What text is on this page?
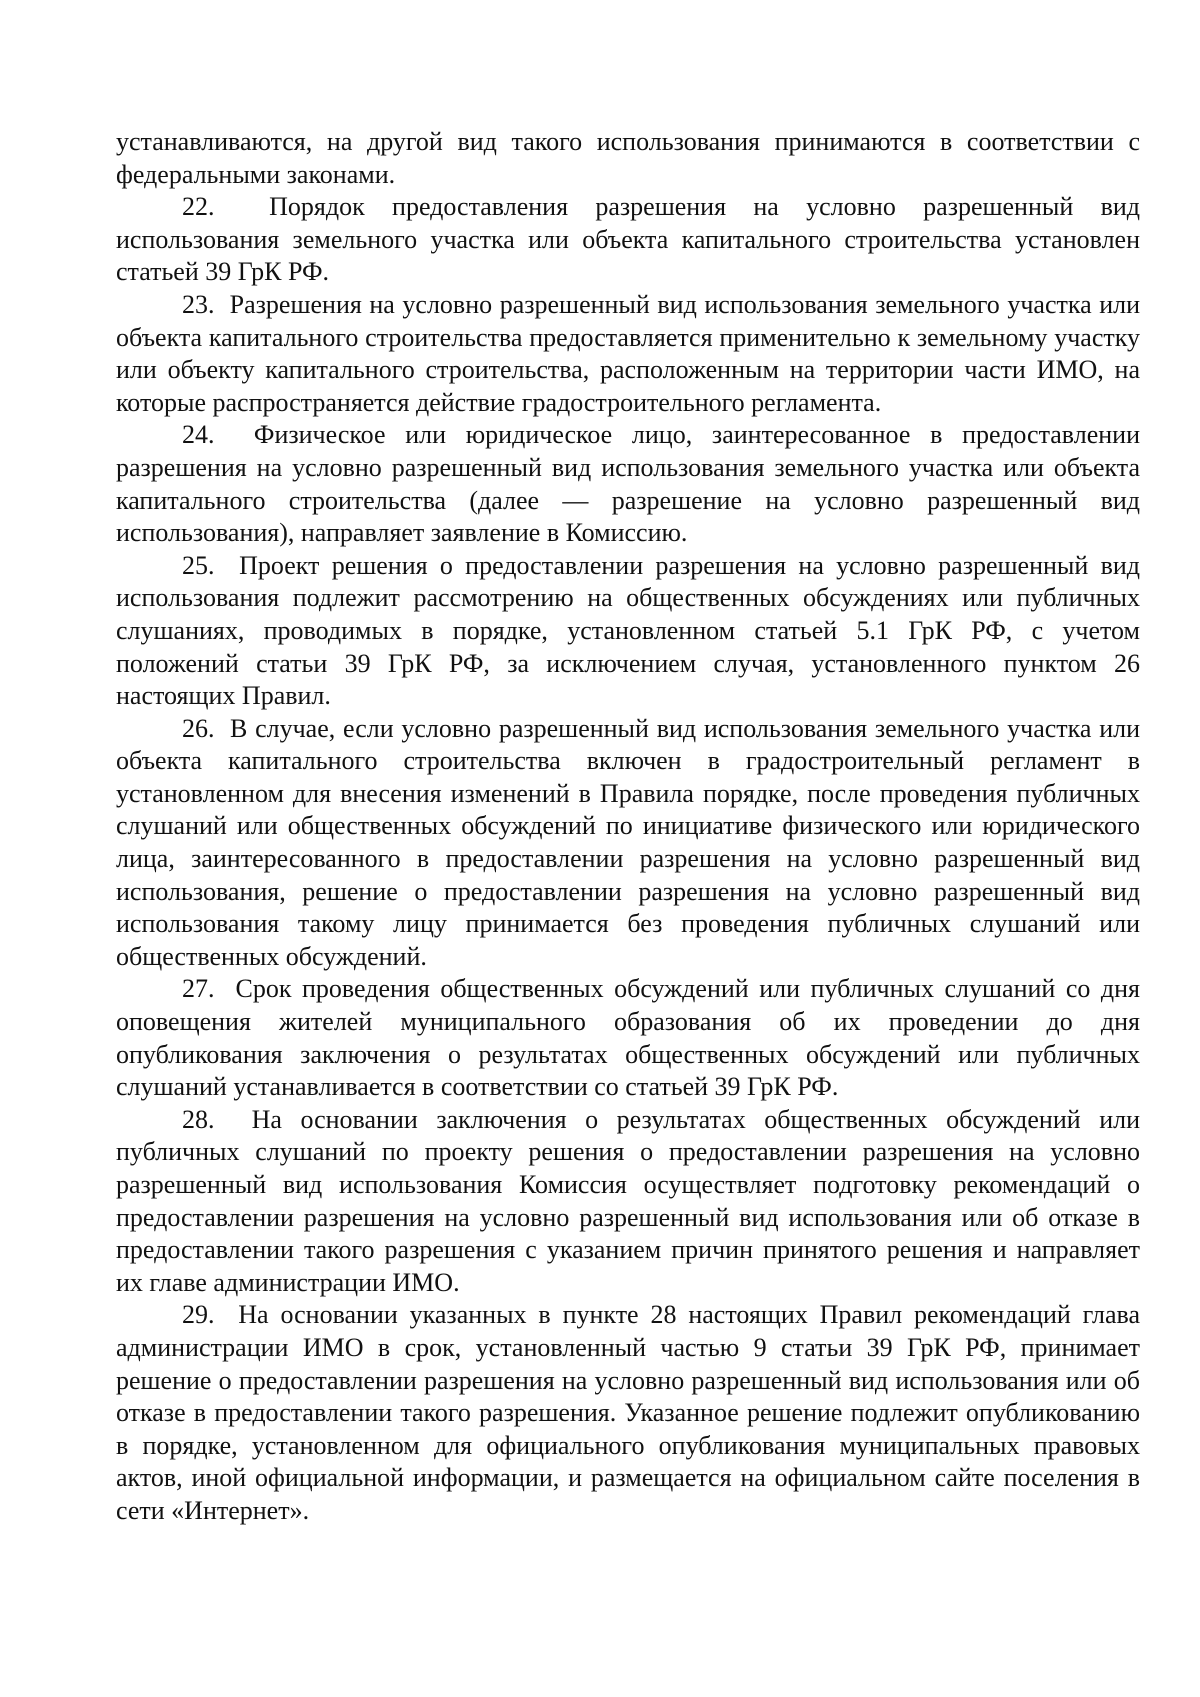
устанавливаются, на другой вид такого использования принимаются в соответствии с федеральными законами.

22. Порядок предоставления разрешения на условно разрешенный вид использования земельного участка или объекта капитального строительства установлен статьей 39 ГрК РФ.

23. Разрешения на условно разрешенный вид использования земельного участка или объекта капитального строительства предоставляется применительно к земельному участку или объекту капитального строительства, расположенным на территории части ИМО, на которые распространяется действие градостроительного регламента.

24. Физическое или юридическое лицо, заинтересованное в предоставлении разрешения на условно разрешенный вид использования земельного участка или объекта капитального строительства (далее — разрешение на условно разрешенный вид использования), направляет заявление в Комиссию.

25. Проект решения о предоставлении разрешения на условно разрешенный вид использования подлежит рассмотрению на общественных обсуждениях или публичных слушаниях, проводимых в порядке, установленном статьей 5.1 ГрК РФ, с учетом положений статьи 39 ГрК РФ, за исключением случая, установленного пунктом 26 настоящих Правил.

26. В случае, если условно разрешенный вид использования земельного участка или объекта капитального строительства включен в градостроительный регламент в установленном для внесения изменений в Правила порядке, после проведения публичных слушаний или общественных обсуждений по инициативе физического или юридического лица, заинтересованного в предоставлении разрешения на условно разрешенный вид использования, решение о предоставлении разрешения на условно разрешенный вид использования такому лицу принимается без проведения публичных слушаний или общественных обсуждений.

27. Срок проведения общественных обсуждений или публичных слушаний со дня оповещения жителей муниципального образования об их проведении до дня опубликования заключения о результатах общественных обсуждений или публичных слушаний устанавливается в соответствии со статьей 39 ГрК РФ.

28. На основании заключения о результатах общественных обсуждений или публичных слушаний по проекту решения о предоставлении разрешения на условно разрешенный вид использования Комиссия осуществляет подготовку рекомендаций о предоставлении разрешения на условно разрешенный вид использования или об отказе в предоставлении такого разрешения с указанием причин принятого решения и направляет их главе администрации ИМО.

29. На основании указанных в пункте 28 настоящих Правил рекомендаций глава администрации ИМО в срок, установленный частью 9 статьи 39 ГрК РФ, принимает решение о предоставлении разрешения на условно разрешенный вид использования или об отказе в предоставлении такого разрешения. Указанное решение подлежит опубликованию в порядке, установленном для официального опубликования муниципальных правовых актов, иной официальной информации, и размещается на официальном сайте поселения в сети «Интернет».
